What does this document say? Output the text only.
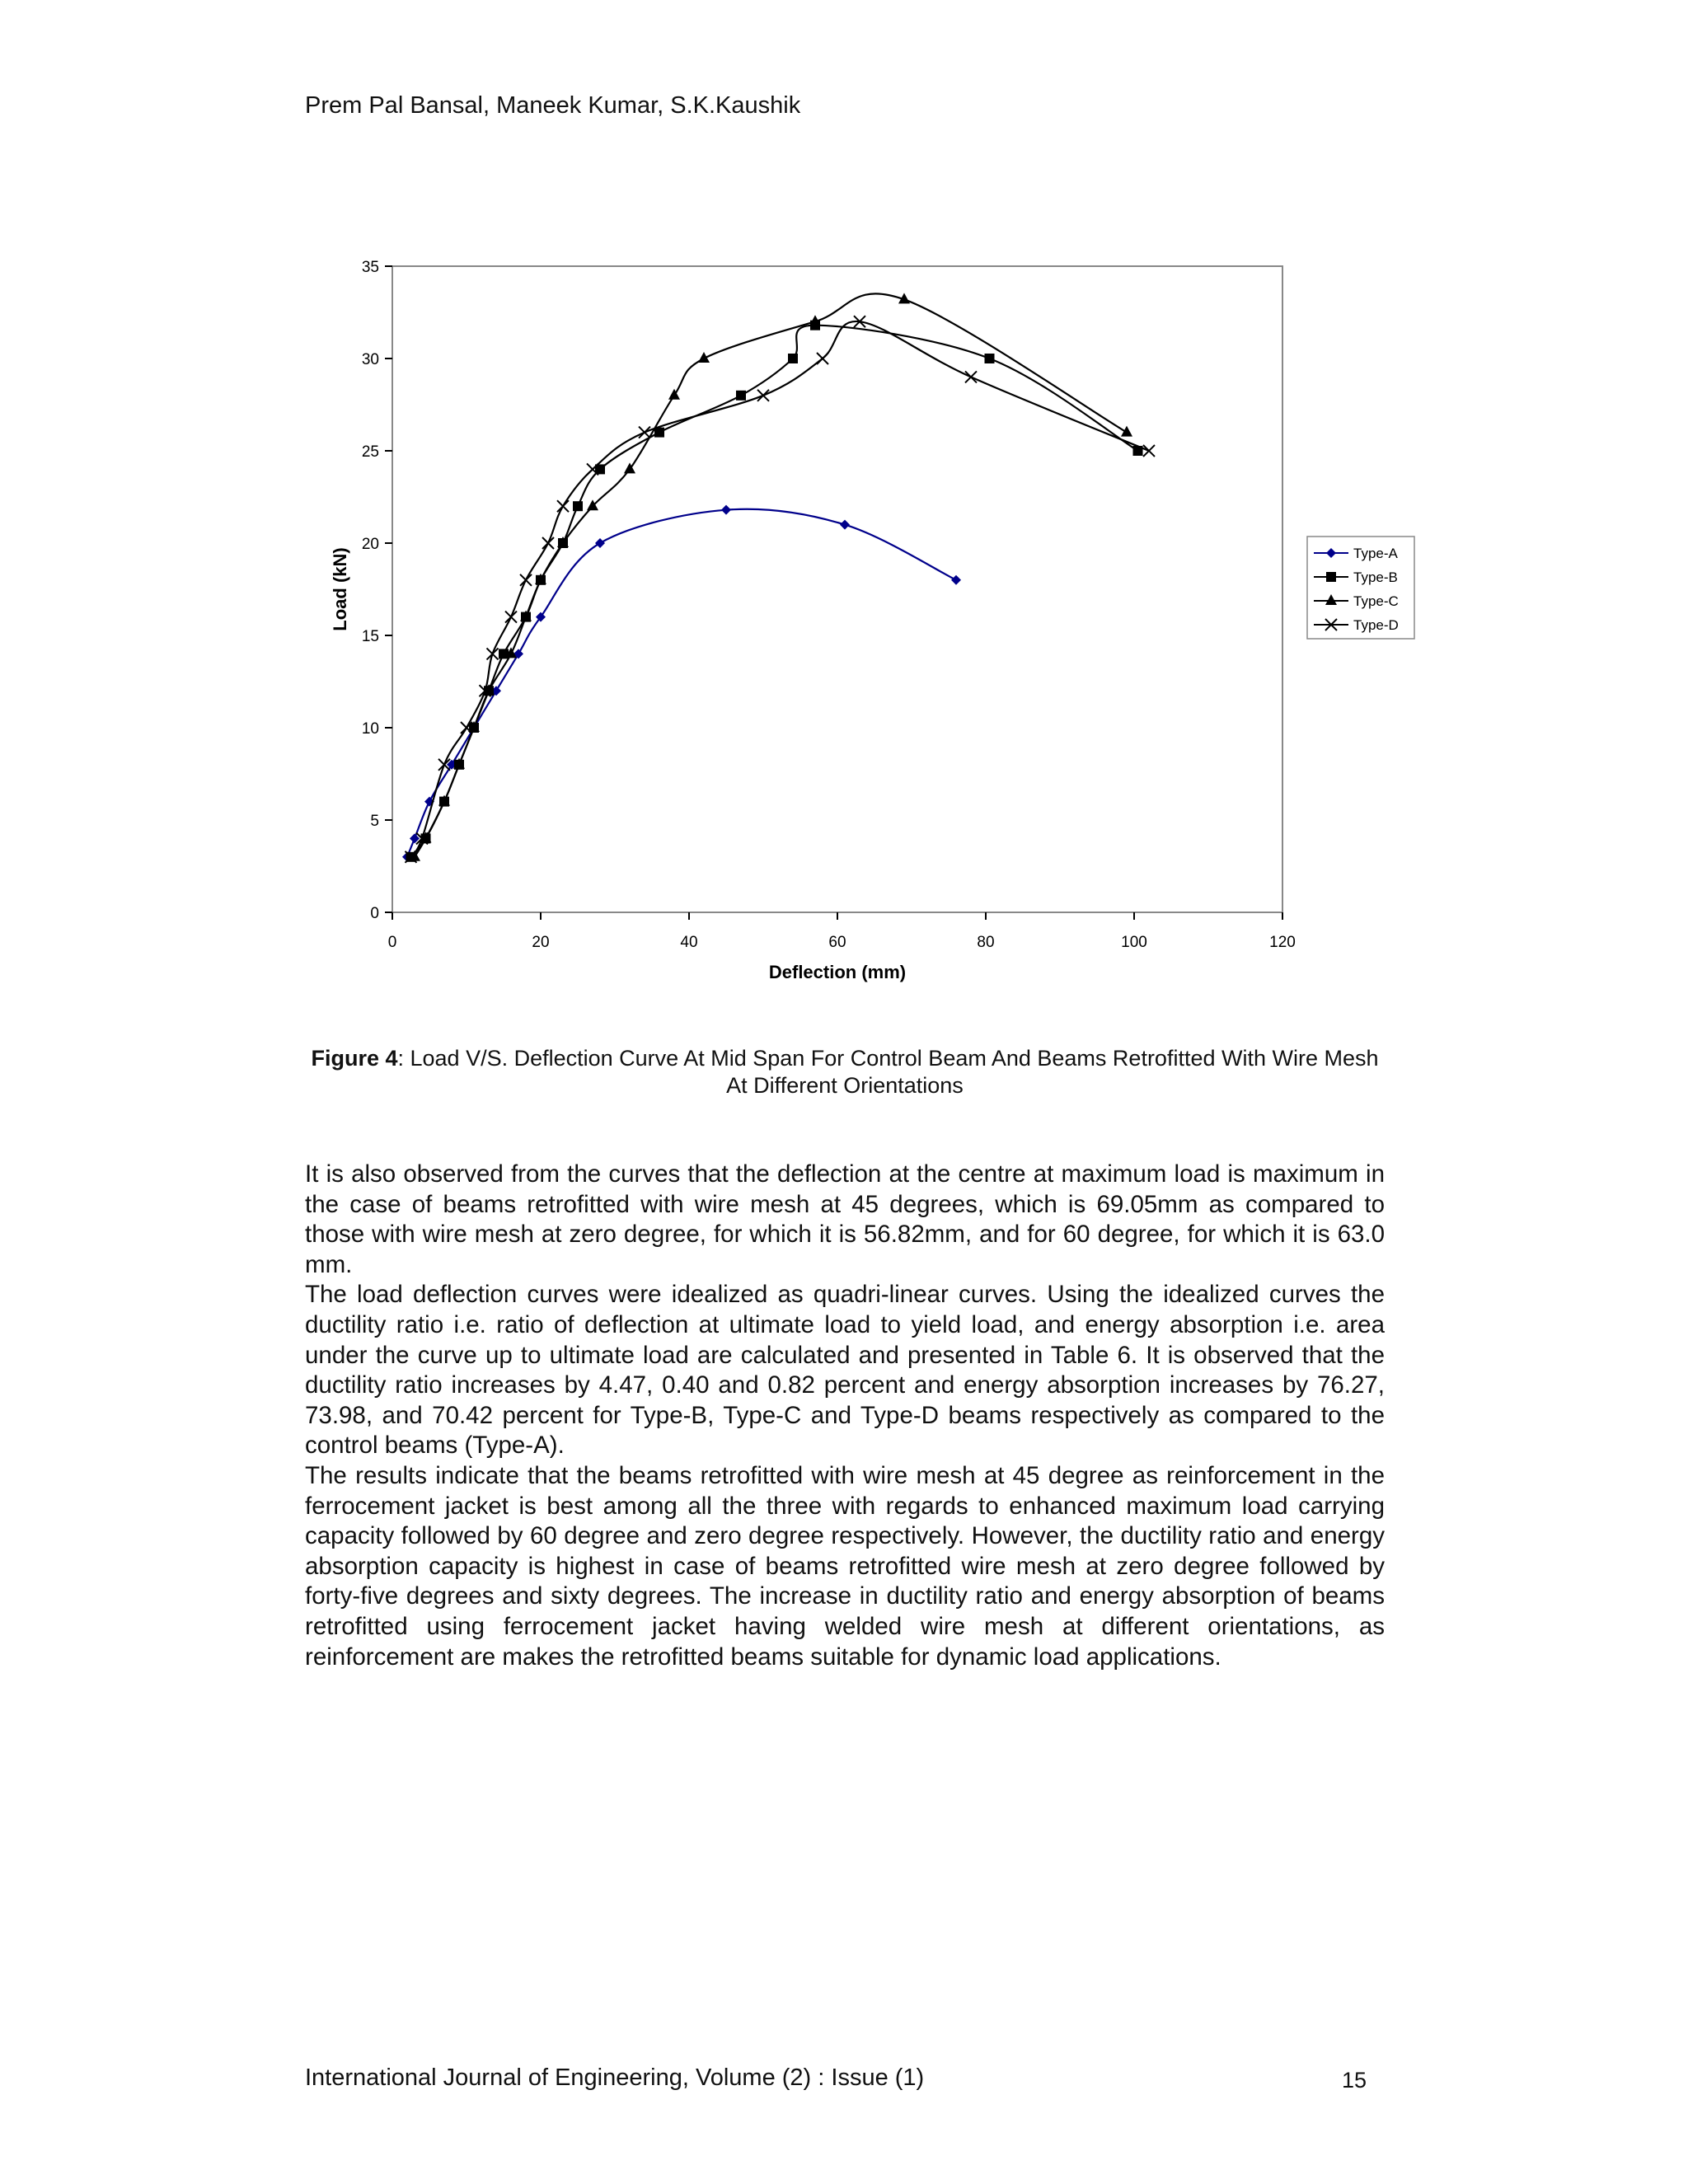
Prem Pal Bansal, Maneek Kumar, S.K.Kaushik
0	20	40	60	80	100	120
0
5
10
15
20
25
30
35
Deflection (mm)
Load (kN)	Type-A
Type-B
Type-C
Type-D
Figure 4: Load V/S. Deflection Curve At Mid Span For Control Beam And Beams Retrofitted With Wire Mesh At Different Orientations

It is also observed from the curves that the deflection at the centre at maximum load is maximum in the case of beams retrofitted with wire mesh at 45 degrees, which is 69.05mm as compared to those with wire mesh at zero degree, for which it is 56.82mm, and for 60 degree, for which it is 63.0 mm.

The load deflection curves were idealized as quadri-linear curves. Using the idealized curves the ductility ratio i.e. ratio of deflection at ultimate load to yield load, and energy absorption i.e. area under the curve up to ultimate load are calculated and presented in Table 6. It is observed that the ductility ratio increases by 4.47, 0.40 and 0.82 percent and energy absorption increases by 76.27, 73.98, and 70.42 percent for Type-B, Type-C and Type-D beams respectively as compared to the control beams (Type-A).

The results indicate that the beams retrofitted with wire mesh at 45 degree as reinforcement in the ferrocement jacket is best among all the three with regards to enhanced maximum load carrying capacity followed by 60 degree and zero degree respectively. However, the ductility ratio and energy absorption capacity is highest in case of beams retrofitted wire mesh at zero degree followed by forty-five degrees and sixty degrees. The increase in ductility ratio and energy absorption of beams retrofitted using ferrocement jacket having welded wire mesh at different orientations, as reinforcement are makes the retrofitted beams suitable for dynamic load applications.

International Journal of Engineering, Volume (2) : Issue (1)	15
